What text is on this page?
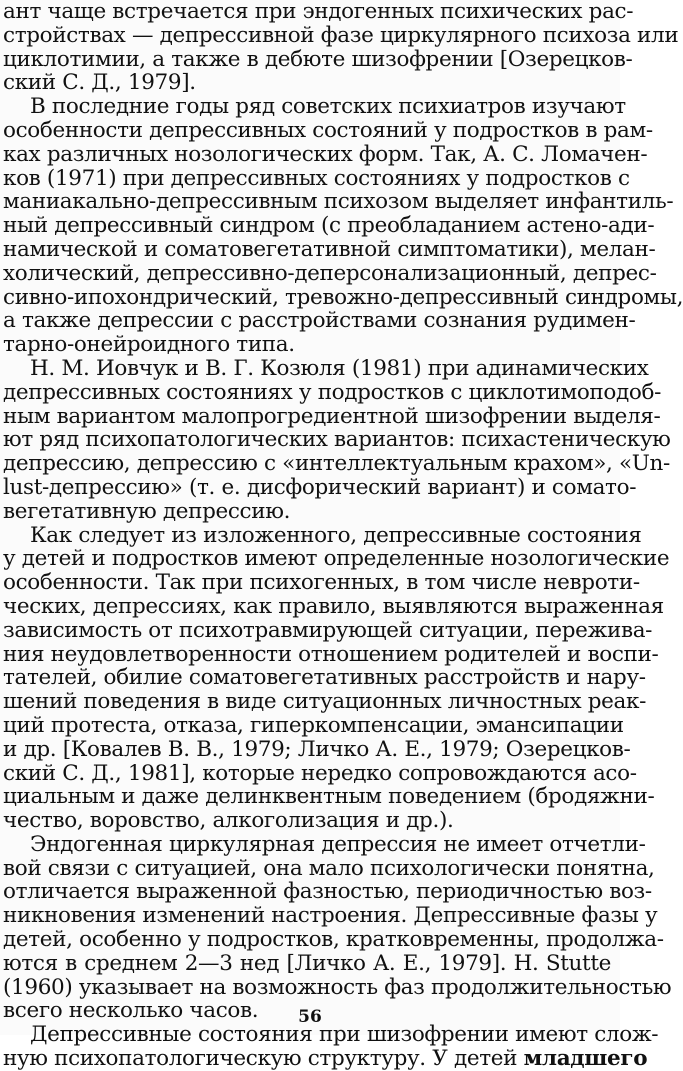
ант чаще встречается при эндогенных психических рас-
стройствах — депрессивной фазе циркулярного психоза или
циклотимии, а также в дебюте шизофрении [Озерецков-
ский С. Д., 1979].
В последние годы ряд советских психиатров изучают
особенности депрессивных состояний у подростков в рам-
ках различных нозологических форм. Так, А. С. Ломачен-
ков (1971) при депрессивных состояниях у подростков с
маниакально-депрессивным психозом выделяет инфантиль-
ный депрессивный синдром (с преобладанием астено-ади-
намической и соматовегетативной симптоматики), мелан-
холический, депрессивно-деперсонализационный, депрес-
сивно-ипохондрический, тревожно-депрессивный синдромы,
а также депрессии с расстройствами сознания рудимен-
тарно-онейроидного типа.
Н. М. Иовчук и В. Г. Козюля (1981) при адинамических
депрессивных состояниях у подростков с циклотимоподоб-
ным вариантом малопрогредиентной шизофрении выделя-
ют ряд психопатологических вариантов: психастеническую
депрессию, депрессию с «интеллектуальным крахом», «Un-
lust-депрессию» (т. е. дисфорический вариант) и сомато-
вегетативную депрессию.
Как следует из изложенного, депрессивные состояния
у детей и подростков имеют определенные нозологические
особенности. Так при психогенных, в том числе невроти-
ческих, депрессиях, как правило, выявляются выраженная
зависимость от психотравмирующей ситуации, пережива-
ния неудовлетворенности отношением родителей и воспи-
тателей, обилие соматовегетативных расстройств и нару-
шений поведения в виде ситуационных личностных реак-
ций протеста, отказа, гиперкомпенсации, эмансипации
и др. [Ковалев В. В., 1979; Личко А. Е., 1979; Озерецков-
ский С. Д., 1981], которые нередко сопровождаются асо-
циальным и даже делинквентным поведением (бродяжни-
чество, воровство, алкоголизация и др.).
Эндогенная циркулярная депрессия не имеет отчетли-
вой связи с ситуацией, она мало психологически понятна,
отличается выраженной фазностью, периодичностью воз-
никновения изменений настроения. Депрессивные фазы у
детей, особенно у подростков, кратковременны, продолжа-
ются в среднем 2—3 нед [Личко А. Е., 1979]. H. Stutte
(1960) указывает на возможность фаз продолжительностью
всего несколько часов.
Депрессивные состояния при шизофрении имеют слож-
ную психопатологическую структуру. У детей младшего
56
